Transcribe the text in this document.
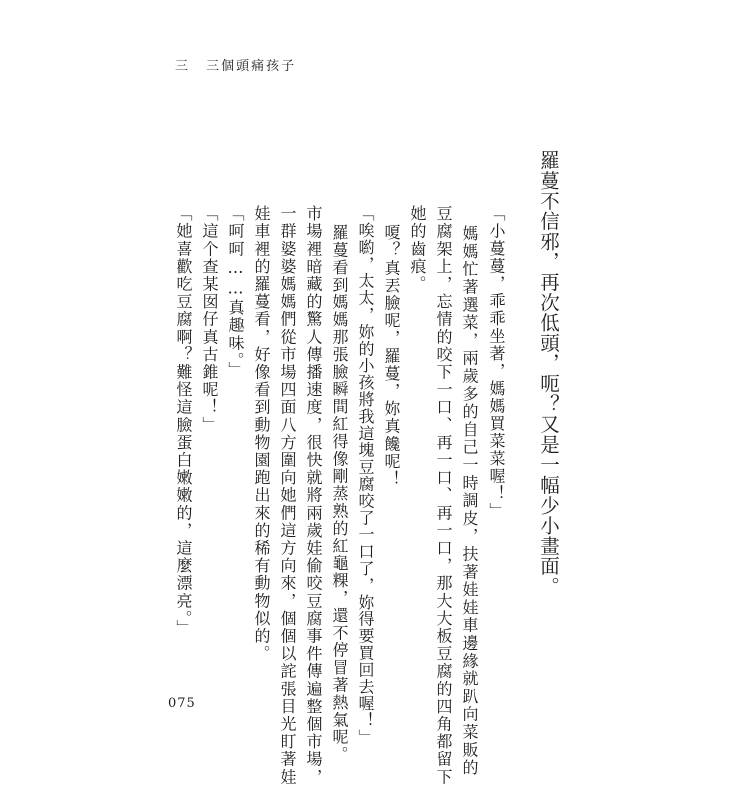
三 三個頭痛孩子
羅蔓不信邪，再次低頭，呃？又是一幅少小畫面。
「小蔓蔓，乖乖坐著，媽媽買菜菜喔！」
媽媽忙著選菜，兩歲多的自己一時調皮，扶著娃娃車邊緣就趴向菜販的
豆腐架上，忘情的咬下一口、再一口、再一口，那大大板豆腐的四角都留下
她的齒痕。
嗄？真丟臉呢，羅蔓，妳真饞呢！
「唉喲，太太，妳的小孩將我這塊豆腐咬了一口了，妳得要買回去喔！」
羅蔓看到媽媽那張臉瞬間紅得像剛蒸熟的紅龜粿，還不停冒著熱氣呢。
市場裡暗藏的驚人傳播速度，很快就將兩歲娃偷咬豆腐事件傳遍整個市場，
一群婆婆媽媽們從市場四面八方圍向她們這方向來，個個以詫張目光盯著娃
娃車裡的羅蔓看，好像看到動物園跑出來的稀有動物似的。
「呵呵……真趣味。」
「這个查某囡仔真古錐呢！」
「她喜歡吃豆腐啊？難怪這臉蛋白嫩嫩的，這麼漂亮。」
075
